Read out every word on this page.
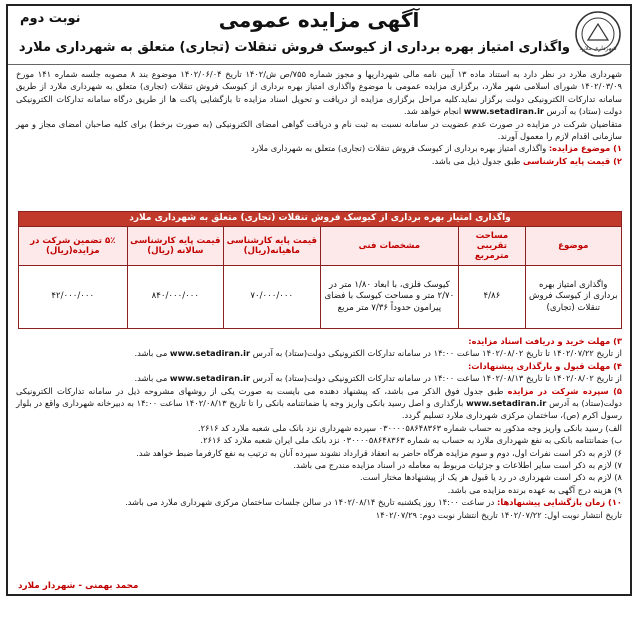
شهرداری ملارد
آگهی مزایده عمومی
نوبت دوم
واگذاری امتیاز بهره برداری از کیوسک فروش تنقلات (تجاری) متعلق به شهرداری ملارد

شهرداری ملارد در نظر دارد به استناد ماده ۱۳ آیین نامه مالی شهرداریها و مجوز شماره ۷۵۵/ص ش/۱۴۰۲ تاریخ ۱۴۰۲/۰۶/۰۴ موضوع بند ۸ مصوبه جلسه شماره ۱۴۱ مورخ ۱۴۰۲/۰۳/۰۹ شورای اسلامی شهر ملارد، برگزاری مزایده عمومی با موضوع واگذاری امتیاز بهره برداری از کیوسک فروش تنقلات (تجاری) متعلق به شهرداری ملارد از طریق سامانه تدارکات الکترونیکی دولت برگزار نماید.کلیه مراحل برگزاری مزایده از دریافت و تحویل اسناد مزایده تا بازگشایی پاکت ها از طریق درگاه سامانه تدارکات الکترونیکی دولت (ستاد) به آدرس www.setadiran.ir انجام خواهد شد.

متقاضیان شرکت در مزایده در صورت عدم عضویت در سامانه نسبت به ثبت نام و دریافت گواهی امضای الکترونیکی (به صورت برخط) برای کلیه صاحبان امضای مجاز و مهر سازمانی اقدام لازم را معمول آورند.

۱) موضوع مزایده: واگذاری امتیاز بهره برداری از کیوسک فروش تنقلات (تجاری) متعلق به شهرداری ملارد

۲) قیمت پایه کارشناسی طبق جدول ذیل می باشد.

واگذاری امتیاز بهره برداری از کیوسک فروش تنقلات (تجاری) متعلق به شهرداری ملارد					
موضوع	مساحت تقریبی مترمربع	مشخصات فنی	قیمت پایه کارشناسی ماهیانه(ریال)	قیمت پایه کارشناسی سالانه (ریال)	۵٪ تضمین شرکت در مزایده(ریال)
واگذاری امتیاز بهره برداری از کیوسک فروش تنقلات (تجاری)	۴/۸۶	کیوسک فلزی، با ابعاد ۱/۸۰ متر در ۲/۷۰ متر و مساحت کیوسک با فضای پیرامون حدوداً ۷/۳۶ متر مربع	۷۰/۰۰۰/۰۰۰	۸۴۰/۰۰۰/۰۰۰	۴۲/۰۰۰/۰۰۰

۳) مهلت خرید و دریافت اسناد مزایده:

از تاریخ ۱۴۰۲/۰۷/۲۲ تا تاریخ ۱۴۰۲/۰۸/۰۲ ساعت ۱۴:۰۰ در سامانه تدارکات الکترونیکی دولت(ستاد) به آدرس www.setadiran.ir می باشد.

۴) مهلت قبول و بارگذاری پیشنهادات:

از تاریخ ۱۴۰۲/۰۸/۰۲ تا تاریخ ۱۴۰۲/۰۸/۱۳ ساعت ۱۴:۰۰ در سامانه تدارکات الکترونیکی دولت(ستاد) به آدرس www.setadiran.ir می باشد.

۵) سپرده شرکت در مزایده طبق جدول فوق الذکر می باشد، که پیشنهاد دهنده می بایست به صورت یکی از روشهای مشروحه ذیل در سامانه تدارکات الکترونیکی دولت(ستاد) به آدرس www.setadiran.ir بارگذاری و اصل رسید بانکی واریز وجه یا ضمانتنامه بانکی را تا تاریخ ۱۴۰۲/۰۸/۱۳ ساعت ۱۴:۰۰ به دبیرخانه شهرداری واقع در بلوار رسول اکرم (ص)، ساختمان مرکزی شهرداری ملارد تسلیم گردد.

الف) رسید بانکی واریز وجه مذکور به حساب شماره ۰۳۰۰۰۰۵۸۶۴۸۳۶۳ سپرده شهرداری نزد بانک ملی شعبه ملارد کد ۲۶۱۶.

ب) ضمانتنامه بانکی به نفع شهرداری ملارد به حساب به شماره ۰۳۰۰۰۰۵۸۶۴۸۳۶۳ نزد بانک ملی ایران شعبه ملارد کد ۲۶۱۶.

۶) لازم به ذکر است نفرات اول، دوم و سوم مزایده هرگاه حاضر به انعقاد قرارداد نشوند سپرده آنان به ترتیب به نفع کارفرما ضبط خواهد شد.

۷) لازم به ذکر است سایر اطلاعات و جزئیات مربوط به معامله در اسناد مزایده مندرج می باشد.

۸) لازم به ذکر است شهرداری در رد یا قبول هر یک از پیشنهادها مختار است.

۹) هزینه درج آگهی به عهده برنده مزایده می باشد.

۱۰) زمان بازگشایی پیشنهادها: در ساعت ۱۴:۰۰ روز یکشنبه تاریخ ۱۴۰۲/۰۸/۱۴ در سالن جلسات ساختمان مرکزی شهرداری ملارد می باشد.

تاریخ انتشار نوبت اول: ۱۴۰۲/۰۷/۲۲ تاریخ انتشار نوبت دوم: ۱۴۰۲/۰۷/۲۹

محمد بهمنی - شهردار ملارد
